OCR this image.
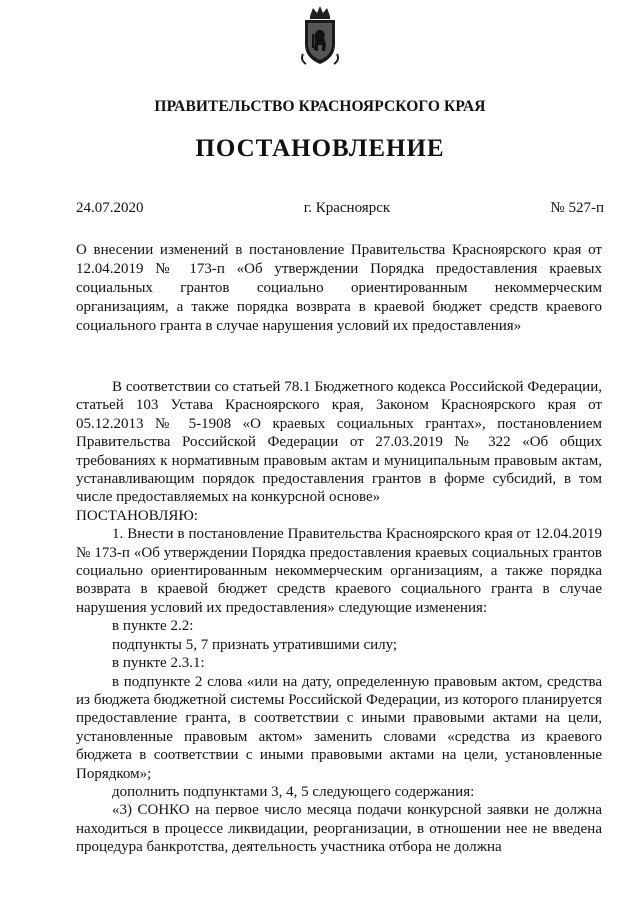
ПРАВИТЕЛЬСТВО КРАСНОЯРСКОГО КРАЯ
ПОСТАНОВЛЕНИЕ
24.07.2020	г. Красноярск	№ 527-п
О внесении изменений в постановление Правительства Красноярского края от 12.04.2019 № 173-п «Об утверждении Порядка предоставления краевых социальных грантов социально ориентированным некоммерческим организациям, а также порядка возврата в краевой бюджет средств краевого социального гранта в случае нарушения условий их предоставления»

В соответствии со статьей 78.1 Бюджетного кодекса Российской Федерации, статьей 103 Устава Красноярского края, Законом Красноярского края от 05.12.2013 № 5-1908 «О краевых социальных грантах», постановлением Правительства Российской Федерации от 27.03.2019 № 322 «Об общих требованиях к нормативным правовым актам и муниципальным правовым актам, устанавливающим порядок предоставления грантов в форме субсидий, в том числе предоставляемых на конкурсной основе»

ПОСТАНОВЛЯЮ:

1. Внести в постановление Правительства Красноярского края от 12.04.2019 № 173-п «Об утверждении Порядка предоставления краевых социальных грантов социально ориентированным некоммерческим организациям, а также порядка возврата в краевой бюджет средств краевого социального гранта в случае нарушения условий их предоставления» следующие изменения:

в пункте 2.2:

подпункты 5, 7 признать утратившими силу;

в пункте 2.3.1:

в подпункте 2 слова «или на дату, определенную правовым актом, средства из бюджета бюджетной системы Российской Федерации, из которого планируется предоставление гранта, в соответствии с иными правовыми актами на цели, установленные правовым актом» заменить словами «средства из краевого бюджета в соответствии с иными правовыми актами на цели, установленные Порядком»;

дополнить подпунктами 3, 4, 5 следующего содержания:

«3) СОНКО на первое число месяца подачи конкурсной заявки не должна находиться в процессе ликвидации, реорганизации, в отношении нее не введена процедура банкротства, деятельность участника отбора не должна
